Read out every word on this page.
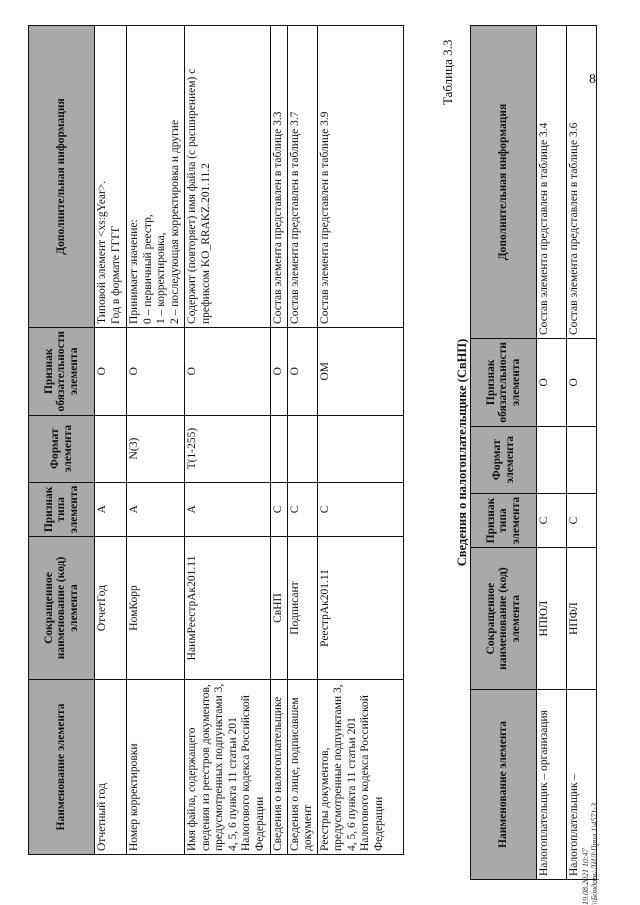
8
Наименование элемента	Сокращенное наименование (код) элемента	Признак типа элемента	Формат элемента	Признак обязательности элемента	Дополнительная информация
Отчетный год	ОтчетГод	А		О	Типовой элемент <xs:gYear>.
Год в формате ГГГГ
Номер корректировки	НомКорр	А	N(3)	О	Принимает значение:
0 – первичный реестр,
1 – корректировка,
2 – последующая корректировка и другие
Имя файла, содержащего сведения из реестров документов, предусмотренных подпунктами 3, 4, 5, 6 пункта 11 статьи 201 Налогового кодекса Российской Федерации	НаимРеестрАк201.11	А	T(1-255)	О	Содержит (повторяет) имя файла (с расширением) с префиксом KO_RRAKZ.201.11.2
Сведения о налогоплательщике	СвНП	С		О	Состав элемента представлен в таблице 3.3
Сведения о лице, подписавшем документ	Подписант	С		О	Состав элемента представлен в таблице 3.7
Реестры документов, предусмотренные подпунктами 3, 4, 5, 6 пункта 11 статьи 201 Налогового кодекса Российской Федерации	РеестрАк201.11	С		ОМ	Состав элемента представлен в таблице 3.9
Таблица 3.3
Сведения о налогоплательщике (СвНП)
Наименование элемента	Сокращенное наименование (код) элемента	Признак типа элемента	Формат элемента	Признак обязательности элемента	Дополнительная информация
Налогоплательщик – организация	НПЮЛ	С		О	Состав элемента представлен в таблице 3.4
Налогоплательщик –	НПФЛ	С		О	Состав элемента представлен в таблице 3.6
19.08.2021 10:47 \\Бондарь\ЛИЛ\Прил 1\4571-3
